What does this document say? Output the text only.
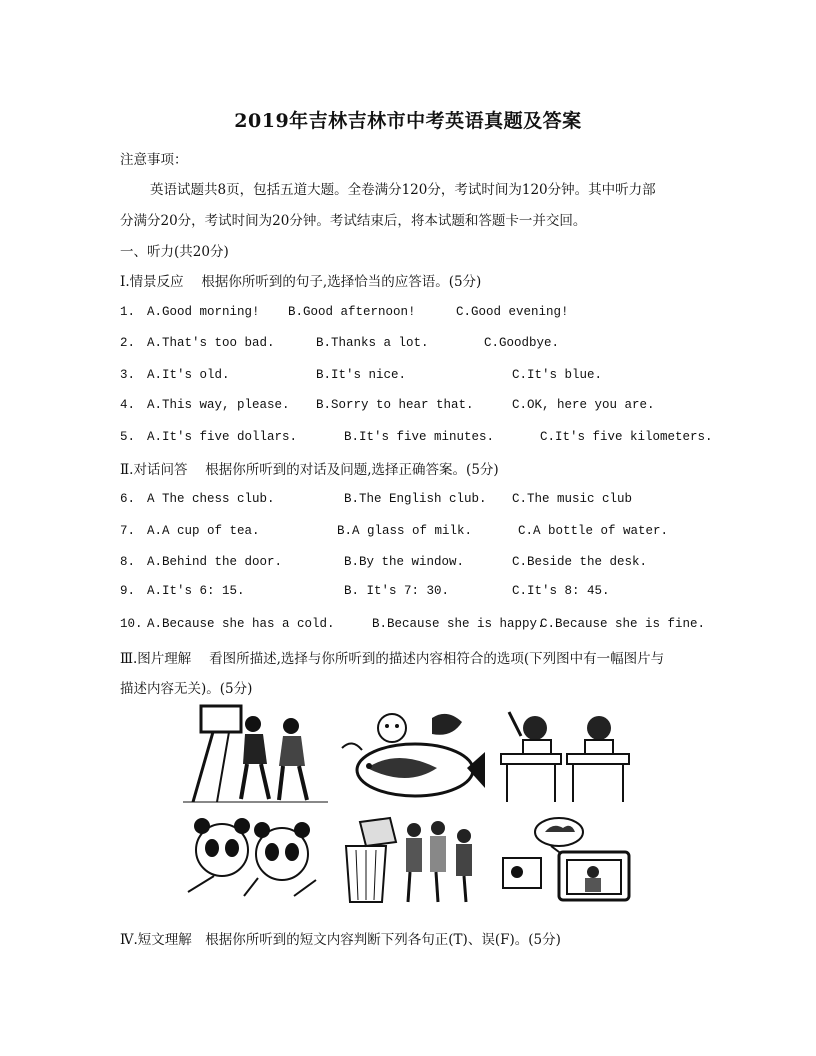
2019年吉林吉林市中考英语真题及答案
注意事项：
英语试题共8页，包括五道大题。全卷满分120分，考试时间为120分钟。其中听力部
分满分20分，考试时间为20分钟。考试结束后，将本试题和答题卡一并交回。
一、听力(共20分)
Ⅰ.情景反应　 根据你所听到的句子,选择恰当的应答语。(5分)
1. A.Good morning! B.Good afternoon!	C.Good evening!
2. A.That's too bad.	B.Thanks a lot.	C.Goodbye.
3. A.It's old.	B.It's nice.	C.It's blue.
4. A.This way, please. B.Sorry to hear that.	C.OK, here you are.
5. A.It's five dollars.	B.It's five minutes.	C.It's five kilometers.
Ⅱ.对话问答　 根据你所听到的对话及问题,选择正确答案。(5分)
6. A The chess club.	B.The English club. C.The music club
7. A.A cup of tea.	B.A glass of milk.	C.A bottle of water.
8. A.Behind the door.	B.By the window.	C.Beside the desk.
9. A.It's 6: 15.	B. It's 7: 30.	C.It's 8: 45.
10. A.Because she has a cold.	B.Because she is happy.
C.Because she is fine.
Ⅲ.图片理解　 看图所描述,选择与你所听到的描述内容相符合的选项(下列图中有一幅图片与
描述内容无关)。(5分)
Ⅳ.短文理解　根据你所听到的短文内容判断下列各句正(T)、误(F)。(5分)
